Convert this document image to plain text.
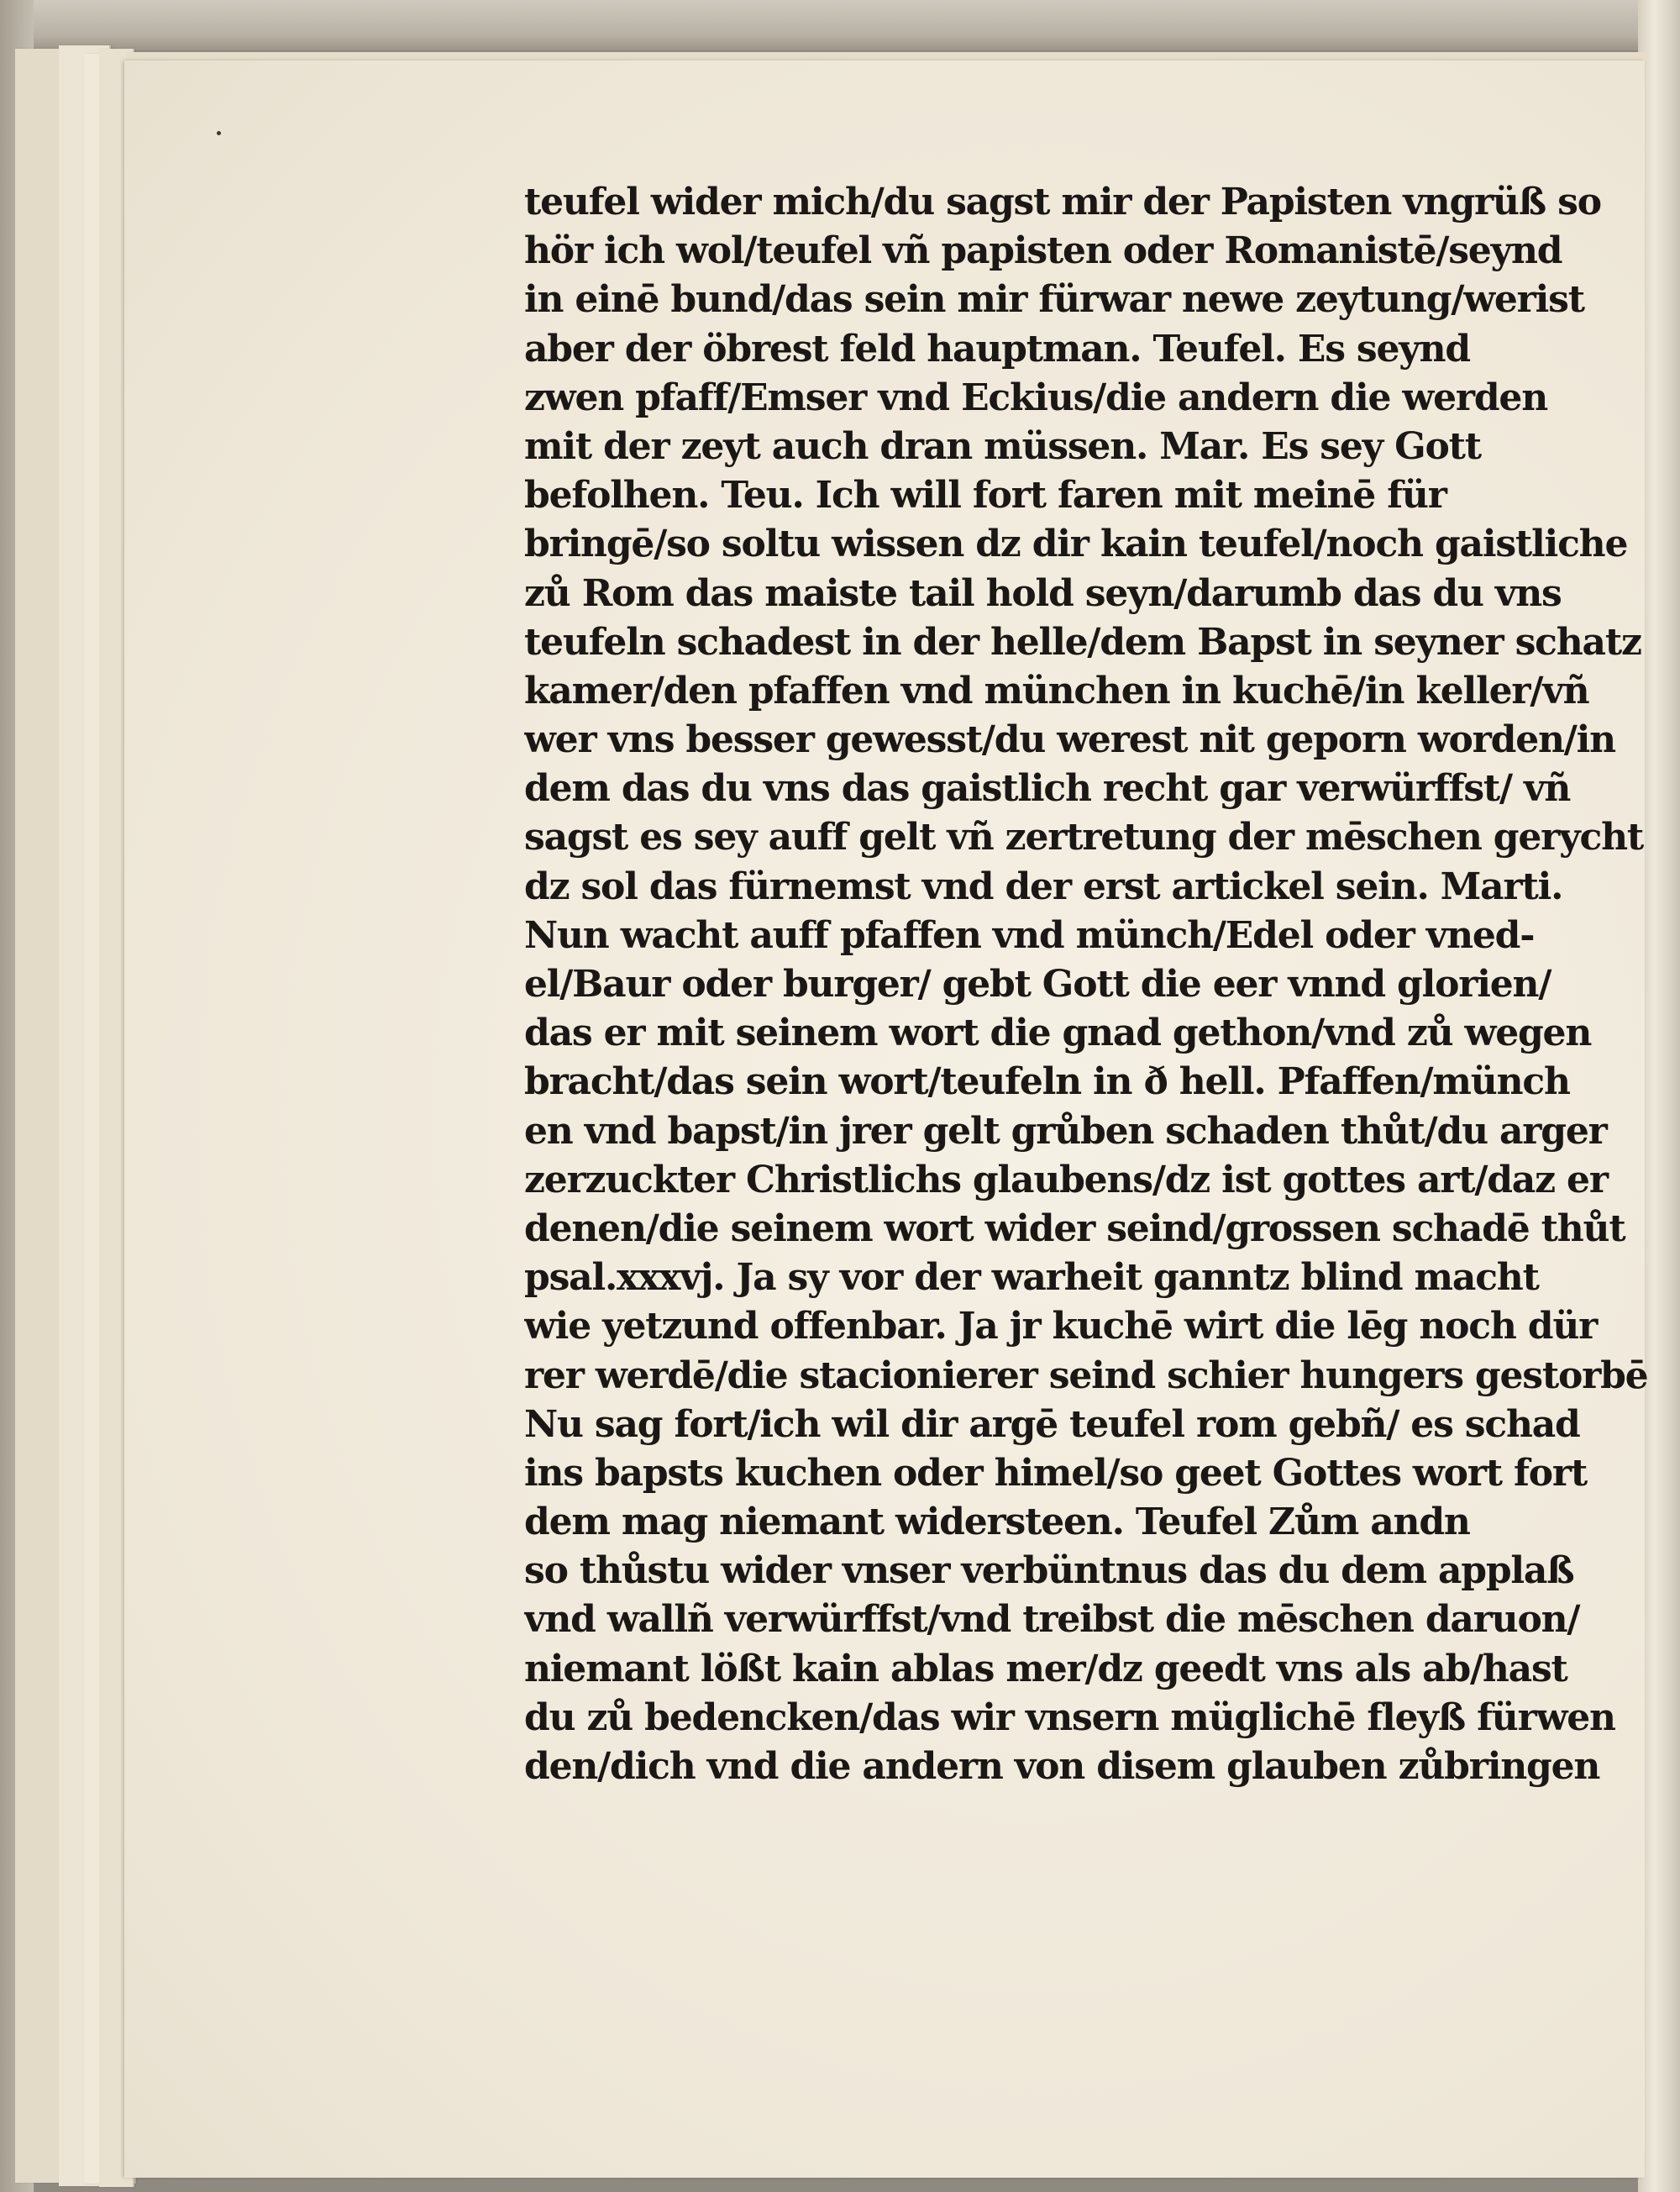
teufel wider mich/du sagst mir der Papisten vngrüß so
hör ich wol/teufel vñ papisten oder Romanistē/seynd
in einē bund/das sein mir fürwar newe zeytung/werist
aber der öbrest feld hauptman. Teufel. Es seynd
zwen pfaff/Emser vnd Eckius/die andern die werden
mit der zeyt auch dran müssen. Mar. Es sey Gott
befolhen. Teu. Ich will fort faren mit meinē für
bringē/so soltu wissen dz dir kain teufel/noch gaistliche
zů Rom das maiste tail hold seyn/darumb das du vns
teufeln schadest in der helle/dem Bapst in seyner schatz
kamer/den pfaffen vnd münchen in kuchē/in keller/vñ
wer vns besser gewesst/du werest nit geporn worden/in
dem das du vns das gaistlich recht gar verwürffst/ vñ
sagst es sey auff gelt vñ zertretung der mēschen gerycht
dz sol das fürnemst vnd der erst artickel sein. Marti.
Nun wacht auff pfaffen vnd münch/Edel oder vned-
el/Baur oder burger/ gebt Gott die eer vnnd glorien/
das er mit seinem wort die gnad gethon/vnd zů wegen
bracht/das sein wort/teufeln in ð hell. Pfaffen/münch
en vnd bapst/in jrer gelt grůben schaden thůt/du arger
zerzuckter Christlichs glaubens/dz ist gottes art/daz er
denen/die seinem wort wider seind/grossen schadē thůt
psal.xxxvj. Ja sy vor der warheit ganntz blind macht
wie yetzund offenbar. Ja jr kuchē wirt die lēg noch dür
rer werdē/die stacionierer seind schier hungers gestorbē
Nu sag fort/ich wil dir argē teufel rom gebñ/ es schad
ins bapsts kuchen oder himel/so geet Gottes wort fort
dem mag niemant widersteen. Teufel Zům andn
so thůstu wider vnser verbüntnus das du dem applaß
vnd wallñ verwürffst/vnd treibst die mēschen daruon/
niemant lößt kain ablas mer/dz geedt vns als ab/hast
du zů bedencken/das wir vnsern müglichē fleyß fürwen
den/dich vnd die andern von disem glauben zůbringen
